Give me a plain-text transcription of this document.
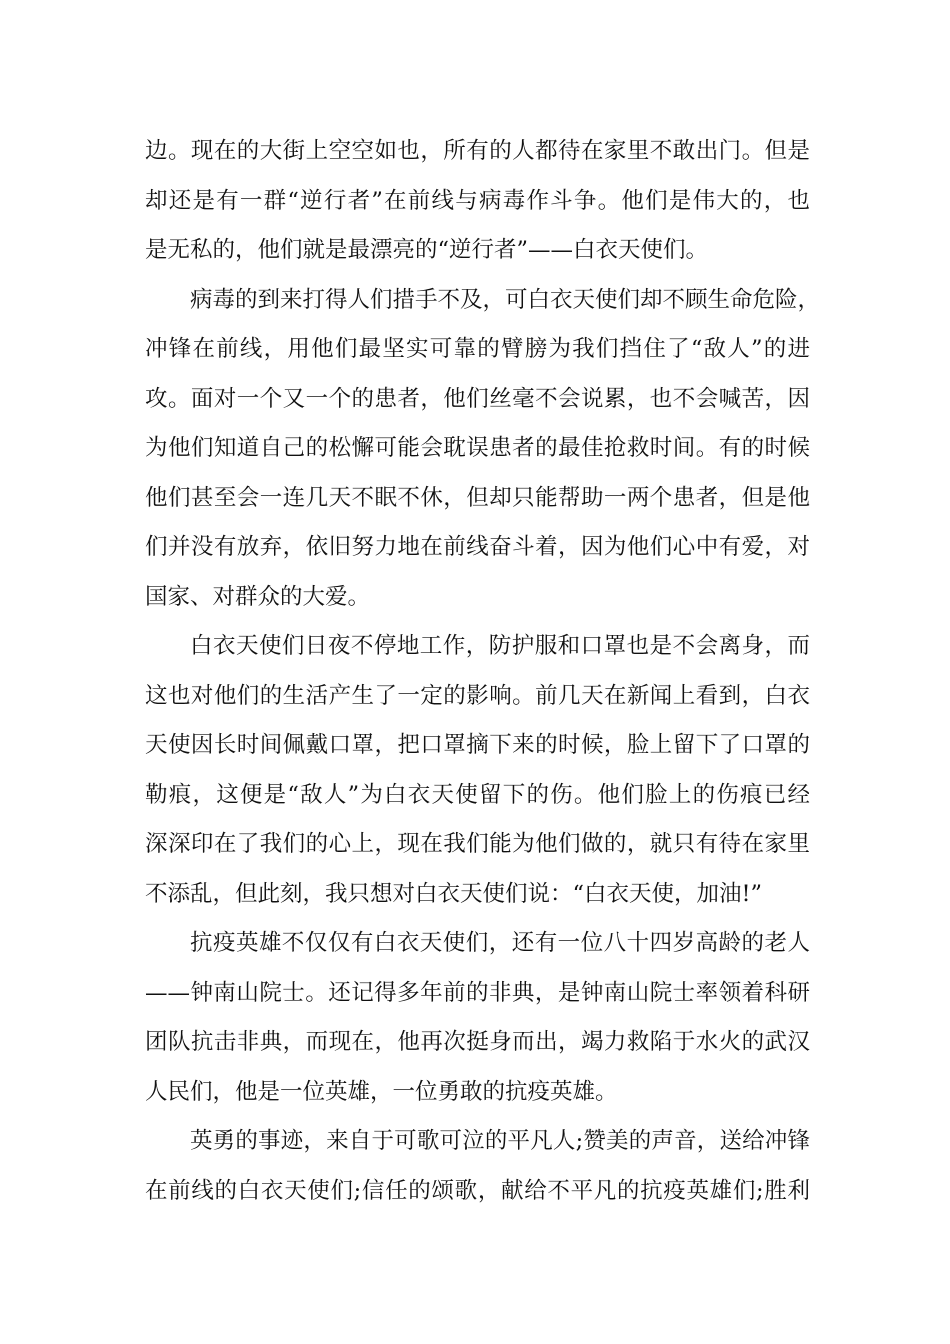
边。现在的大街上空空如也，所有的人都待在家里不敢出门。但是
却还是有一群“逆行者”在前线与病毒作斗争。他们是伟大的，也
是无私的，他们就是最漂亮的“逆行者”——白衣天使们。
病毒的到来打得人们措手不及，可白衣天使们却不顾生命危险，
冲锋在前线，用他们最坚实可靠的臂膀为我们挡住了“敌人”的进
攻。面对一个又一个的患者，他们丝毫不会说累，也不会喊苦，因
为他们知道自己的松懈可能会耽误患者的最佳抢救时间。有的时候
他们甚至会一连几天不眠不休，但却只能帮助一两个患者，但是他
们并没有放弃，依旧努力地在前线奋斗着，因为他们心中有爱，对
国家、对群众的大爱。
白衣天使们日夜不停地工作，防护服和口罩也是不会离身，而
这也对他们的生活产生了一定的影响。前几天在新闻上看到，白衣
天使因长时间佩戴口罩，把口罩摘下来的时候，脸上留下了口罩的
勒痕，这便是“敌人”为白衣天使留下的伤。他们脸上的伤痕已经
深深印在了我们的心上，现在我们能为他们做的，就只有待在家里
不添乱，但此刻，我只想对白衣天使们说：“白衣天使，加油!”
抗疫英雄不仅仅有白衣天使们，还有一位八十四岁高龄的老人
——钟南山院士。还记得多年前的非典，是钟南山院士率领着科研
团队抗击非典，而现在，他再次挺身而出，竭力救陷于水火的武汉
人民们，他是一位英雄，一位勇敢的抗疫英雄。
英勇的事迹，来自于可歌可泣的平凡人;赞美的声音，送给冲锋
在前线的白衣天使们;信任的颂歌，献给不平凡的抗疫英雄们;胜利
